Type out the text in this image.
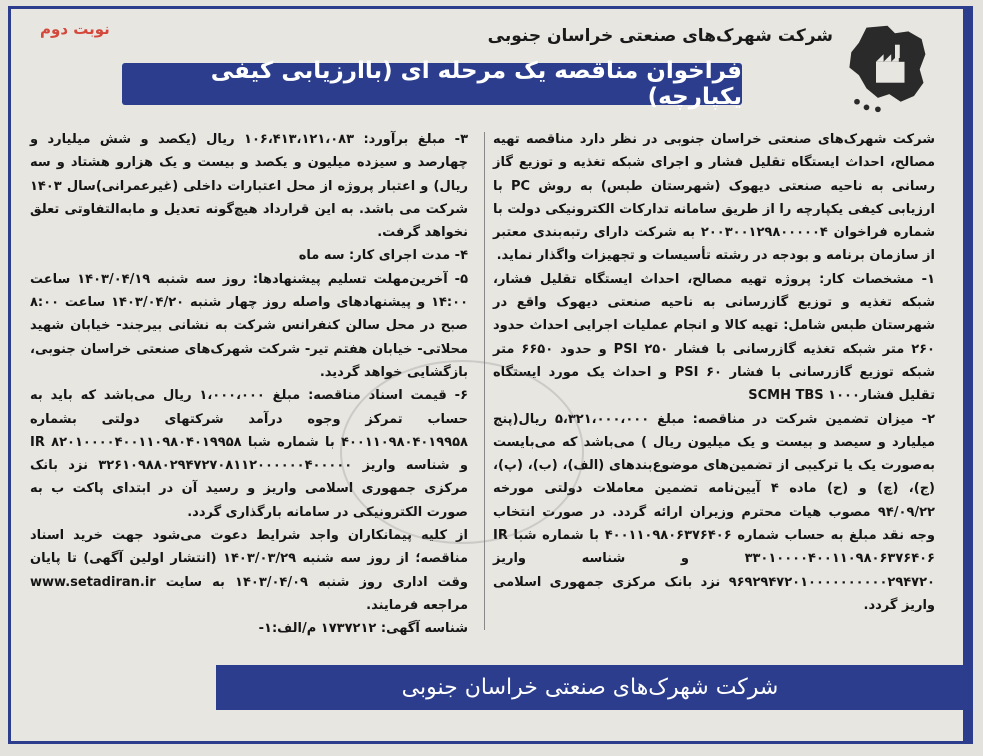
نوبت دوم	شرکت شهرک‌های صنعتی خراسان جنوبی
فراخوان مناقصه یک مرحله ای (باارزیابی کیفی یکپارچه)

شرکت شهرک‌های صنعتی خراسان جنوبی در نظر دارد مناقصه تهیه مصالح، احداث ایستگاه تقلیل فشار و اجرای شبکه تغذیه و توزیع گاز رسانی به ناحیه صنعتی دیهوک (شهرستان طبس) به روش PC با ارزیابی کیفی یکپارچه را از طریق سامانه تدارکات الکترونیکی دولت با شماره فراخوان ۲۰۰۳۰۰۱۲۹۸۰۰۰۰۰۴ به شرکت دارای رتبه‌بندی معتبر از سازمان برنامه و بودجه در رشته تأسیسات و تجهیزات واگذار نماید.

۱- مشخصات کار: پروژه تهیه مصالح، احداث ایستگاه تقلیل فشار، شبکه تغذیه و توزیع گازرسانی به ناحیه صنعتی دیهوک واقع در شهرستان طبس شامل: تهیه کالا و انجام عملیات اجرایی احداث حدود ۲۶۰ متر شبکه تغذیه گازرسانی با فشار PSI ۲۵۰ و حدود ۶۶۵۰ متر شبکه توزیع گازرسانی با فشار PSI ۶۰ و احداث یک مورد ایستگاه تقلیل فشارSCMH TBS ۱۰۰۰

۲- میزان تضمین شرکت در مناقصه: مبلغ ۵،۳۲۱،۰۰۰،۰۰۰ ریال(پنج میلیارد و سیصد و بیست و یک میلیون ریال ) می‌باشد که می‌بایست به‌صورت یک یا ترکیبی از تضمین‌های موضوع‌بندهای (الف)، (ب)، (پ)، (ج)، (چ) و (ح) ماده ۴ آیین‌نامه تضمین معاملات دولتی مورخه ۹۴/۰۹/۲۲ مصوب هیات محترم وزیران ارائه گردد. در صورت انتخاب وجه نقد مبلغ به حساب شماره ۴۰۰۱۱۰۹۸۰۶۳۷۶۴۰۶ با شماره شبا IR ۳۳۰۱۰۰۰۰۴۰۰۱۱۰۹۸۰۶۳۷۶۴۰۶ و شناسه واریز ۹۶۹۲۹۴۷۲۰۱۰۰۰۰۰۰۰۰۰۰۲۹۴۷۲۰ نزد بانک مرکزی جمهوری اسلامی واریز گردد.

۳- مبلغ برآورد: ۱۰۶،۴۱۳،۱۲۱،۰۸۳ ریال (یکصد و شش میلیارد و چهارصد و سیزده میلیون و یکصد و بیست و یک هزارو هشتاد و سه ریال) و اعتبار پروژه از محل اعتبارات داخلی (غیرعمرانی)سال ۱۴۰۳ شرکت می باشد. به این قرارداد هیچ‌گونه تعدیل و مابه‌التفاوتی تعلق نخواهد گرفت.

۴- مدت اجرای کار: سه ماه

۵- آخرین‌مهلت تسلیم پیشنهادها: روز سه شنبه ۱۴۰۳/۰۴/۱۹ ساعت ۱۴:۰۰ و پیشنهادهای واصله روز چهار شنبه ۱۴۰۳/۰۴/۲۰ ساعت ۸:۰۰ صبح در محل سالن کنفرانس شرکت به نشانی بیرجند- خیابان شهید محلاتی- خیابان هفتم تیر- شرکت شهرک‌های صنعتی خراسان جنوبی، بازگشایی خواهد گردید.

۶- قیمت اسناد مناقصه: مبلغ ۱،۰۰۰،۰۰۰ ریال می‌باشد که باید به حساب تمرکز وجوه درآمد شرکتهای دولتی بشماره ۴۰۰۱۱۰۹۸۰۴۰۱۹۹۵۸ با شماره شبا IR ۸۲۰۱۰۰۰۰۴۰۰۱۱۰۹۸۰۴۰۱۹۹۵۸ و شناسه واریز ۳۲۶۱۰۹۸۸۰۲۹۴۷۲۷۰۸۱۱۲۰۰۰۰۰۰۴۰۰۰۰۰ نزد بانک مرکزی جمهوری اسلامی واریز و رسید آن در ابتدای پاکت ب به صورت الکترونیکی در سامانه بارگذاری گردد.

از کلیه پیمانکاران واجد شرایط دعوت می‌شود جهت خرید اسناد مناقصه؛ از روز سه شنبه ۱۴۰۳/۰۳/۲۹ (انتشار اولین آگهی) تا پایان وقت اداری روز شنبه ۱۴۰۳/۰۴/۰۹ به سایت www.setadiran.ir مراجعه فرمایند.

شناسه آگهی: ۱۷۳۷۲۱۲ م/الف:۱-

شرکت شهرک‌های صنعتی خراسان جنوبی
